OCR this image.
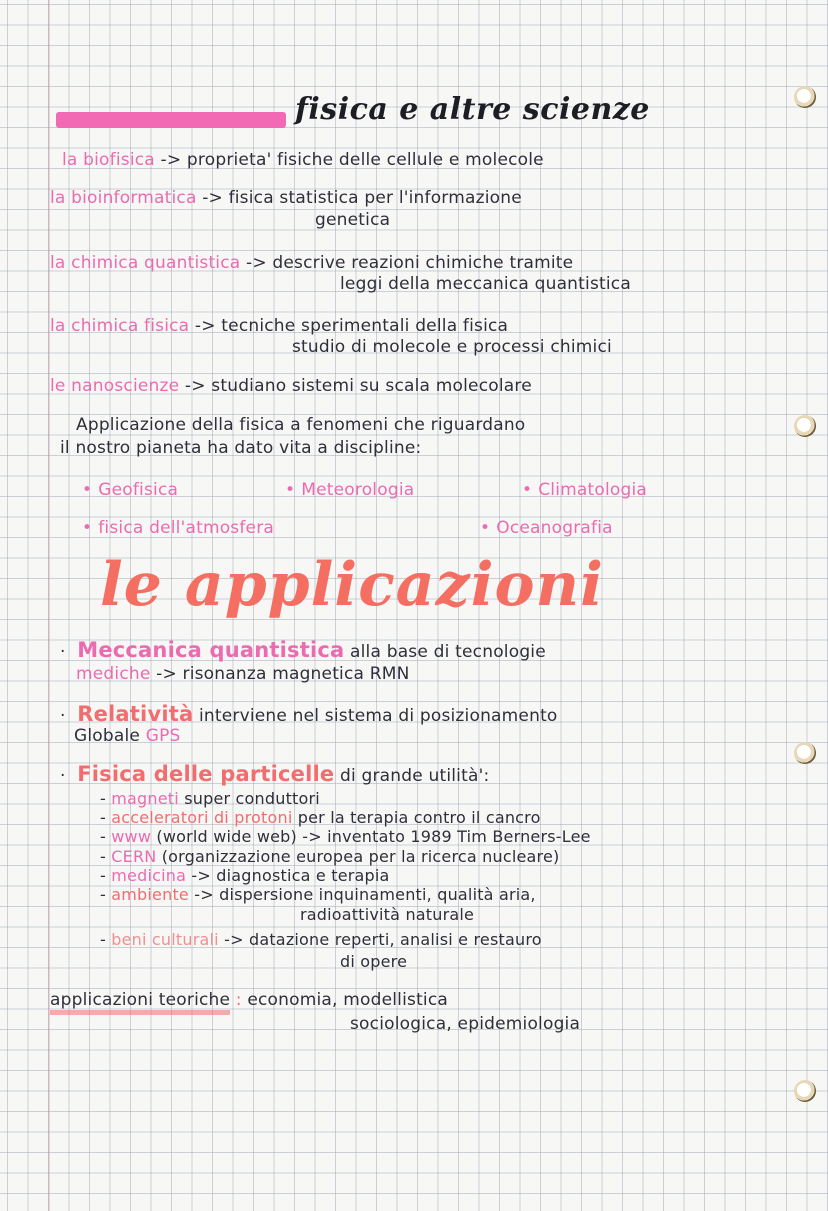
fisica e altre scienze
la biofisica -> proprieta' fisiche delle cellule e molecole
la bioinformatica -> fisica statistica per l'informazione
genetica
la chimica quantistica -> descrive reazioni chimiche tramite
leggi della meccanica quantistica
la chimica fisica -> tecniche sperimentali della fisica
studio di molecole e processi chimici
le nanoscienze -> studiano sistemi su scala molecolare
Applicazione della fisica a fenomeni che riguardano
il nostro pianeta ha dato vita a discipline:
• Geofisica	• Meteorologia	• Climatologia
• fisica dell'atmosfera	• Oceanografia
le applicazioni
· Meccanica quantistica alla base di tecnologie
mediche -> risonanza magnetica RMN
· Relatività interviene nel sistema di posizionamento
Globale GPS
· Fisica delle particelle di grande utilità':
- magneti super conduttori
- acceleratori di protoni per la terapia contro il cancro
- www (world wide web) -> inventato 1989 Tim Berners-Lee
- CERN (organizzazione europea per la ricerca nucleare)
- medicina -> diagnostica e terapia
- ambiente -> dispersione inquinamenti, qualità aria,
radioattività naturale
- beni culturali -> datazione reperti, analisi e restauro
di opere
applicazioni teoriche : economia, modellistica
sociologica, epidemiologia
